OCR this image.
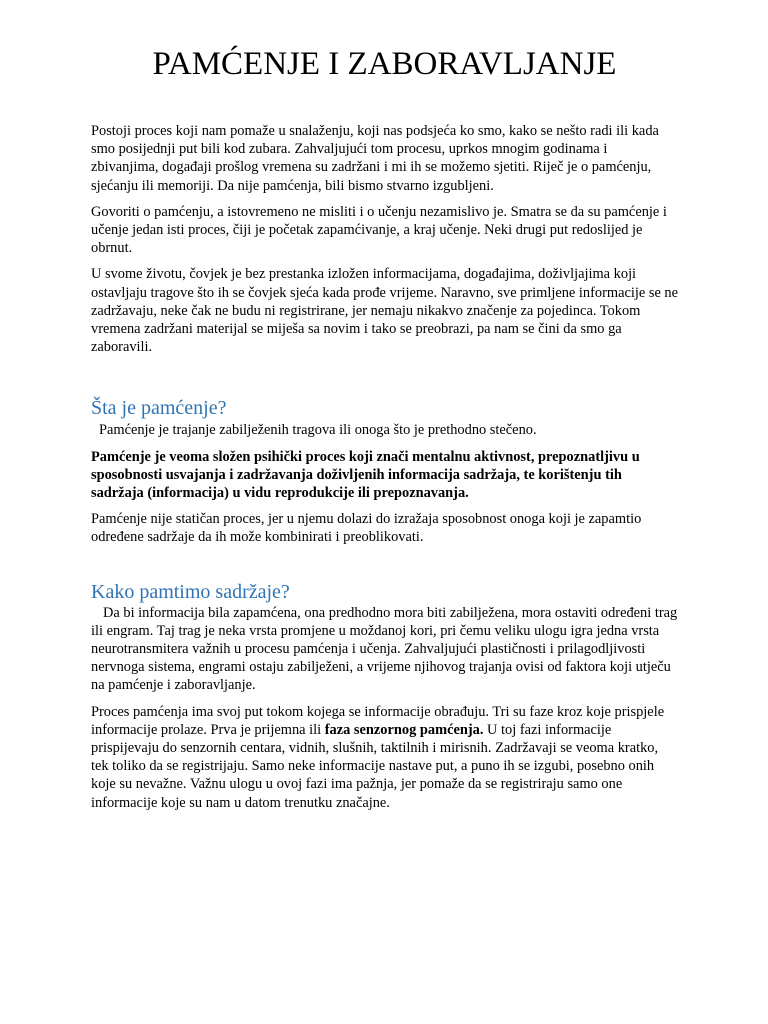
PAMĆENJE I ZABORAVLJANJE

Postoji proces koji nam pomaže u snalaženju, koji nas podsjeća ko smo, kako se nešto radi ili kada smo posijednji put bili kod zubara. Zahvaljujući tom procesu, uprkos mnogim godinama i zbivanjima, događaji prošlog vremena su zadržani i mi ih se možemo sjetiti. Riječ je o pamćenju, sjećanju ili memoriji. Da nije pamćenja, bili bismo stvarno izgubljeni.

Govoriti o pamćenju, a istovremeno ne misliti i o učenju nezamislivo je. Smatra se da su pamćenje i učenje jedan isti proces, čiji je početak zapamćivanje, a kraj učenje. Neki drugi put redoslijed je obrnut.

U svome životu, čovjek je bez prestanka izložen informacijama, događajima, doživljajima koji ostavljaju tragove što ih se čovjek sjeća kada prođe vrijeme. Naravno, sve primljene informacije se ne zadržavaju, neke čak ne budu ni registrirane, jer nemaju nikakvo značenje za pojedinca. Tokom vremena zadržani materijal se miješa sa novim i tako se preobrazi, pa nam se čini da smo ga zaboravili.

Šta je pamćenje?

Pamćenje je trajanje zabilježenih tragova ili onoga što je prethodno stečeno.

Pamćenje je veoma složen psihički proces koji znači mentalnu aktivnost, prepoznatljivu u sposobnosti usvajanja i zadržavanja doživljenih informacija sadržaja, te korištenju tih sadržaja (informacija) u vidu reprodukcije ili prepoznavanja.

Pamćenje nije statičan proces, jer u njemu dolazi do izražaja sposobnost onoga koji je zapamtio određene sadržaje da ih može kombinirati i preoblikovati.

Kako pamtimo sadržaje?

Da bi informacija bila zapamćena, ona predhodno mora biti zabilježena, mora ostaviti određeni trag ili engram. Taj trag je neka vrsta promjene u moždanoj kori, pri čemu veliku ulogu igra jedna vrsta neurotransmitera važnih u procesu pamćenja i učenja. Zahvaljujući plastičnosti i prilagodljivosti nervnoga sistema, engrami ostaju zabilježeni, a vrijeme njihovog trajanja ovisi od faktora koji utječu na pamćenje i zaboravljanje.

Proces pamćenja ima svoj put tokom kojega se informacije obrađuju. Tri su faze kroz koje prispjele informacije prolaze. Prva je prijemna ili faza senzornog pamćenja. U toj fazi informacije prispijevaju do senzornih centara, vidnih, slušnih, taktilnih i mirisnih. Zadržavaji se veoma kratko, tek toliko da se registrijaju. Samo neke informacije nastave put, a puno ih se izgubi, posebno onih koje su nevažne. Važnu ulogu u ovoj fazi ima pažnja, jer pomaže da se registriraju samo one informacije koje su nam u datom trenutku značajne.
